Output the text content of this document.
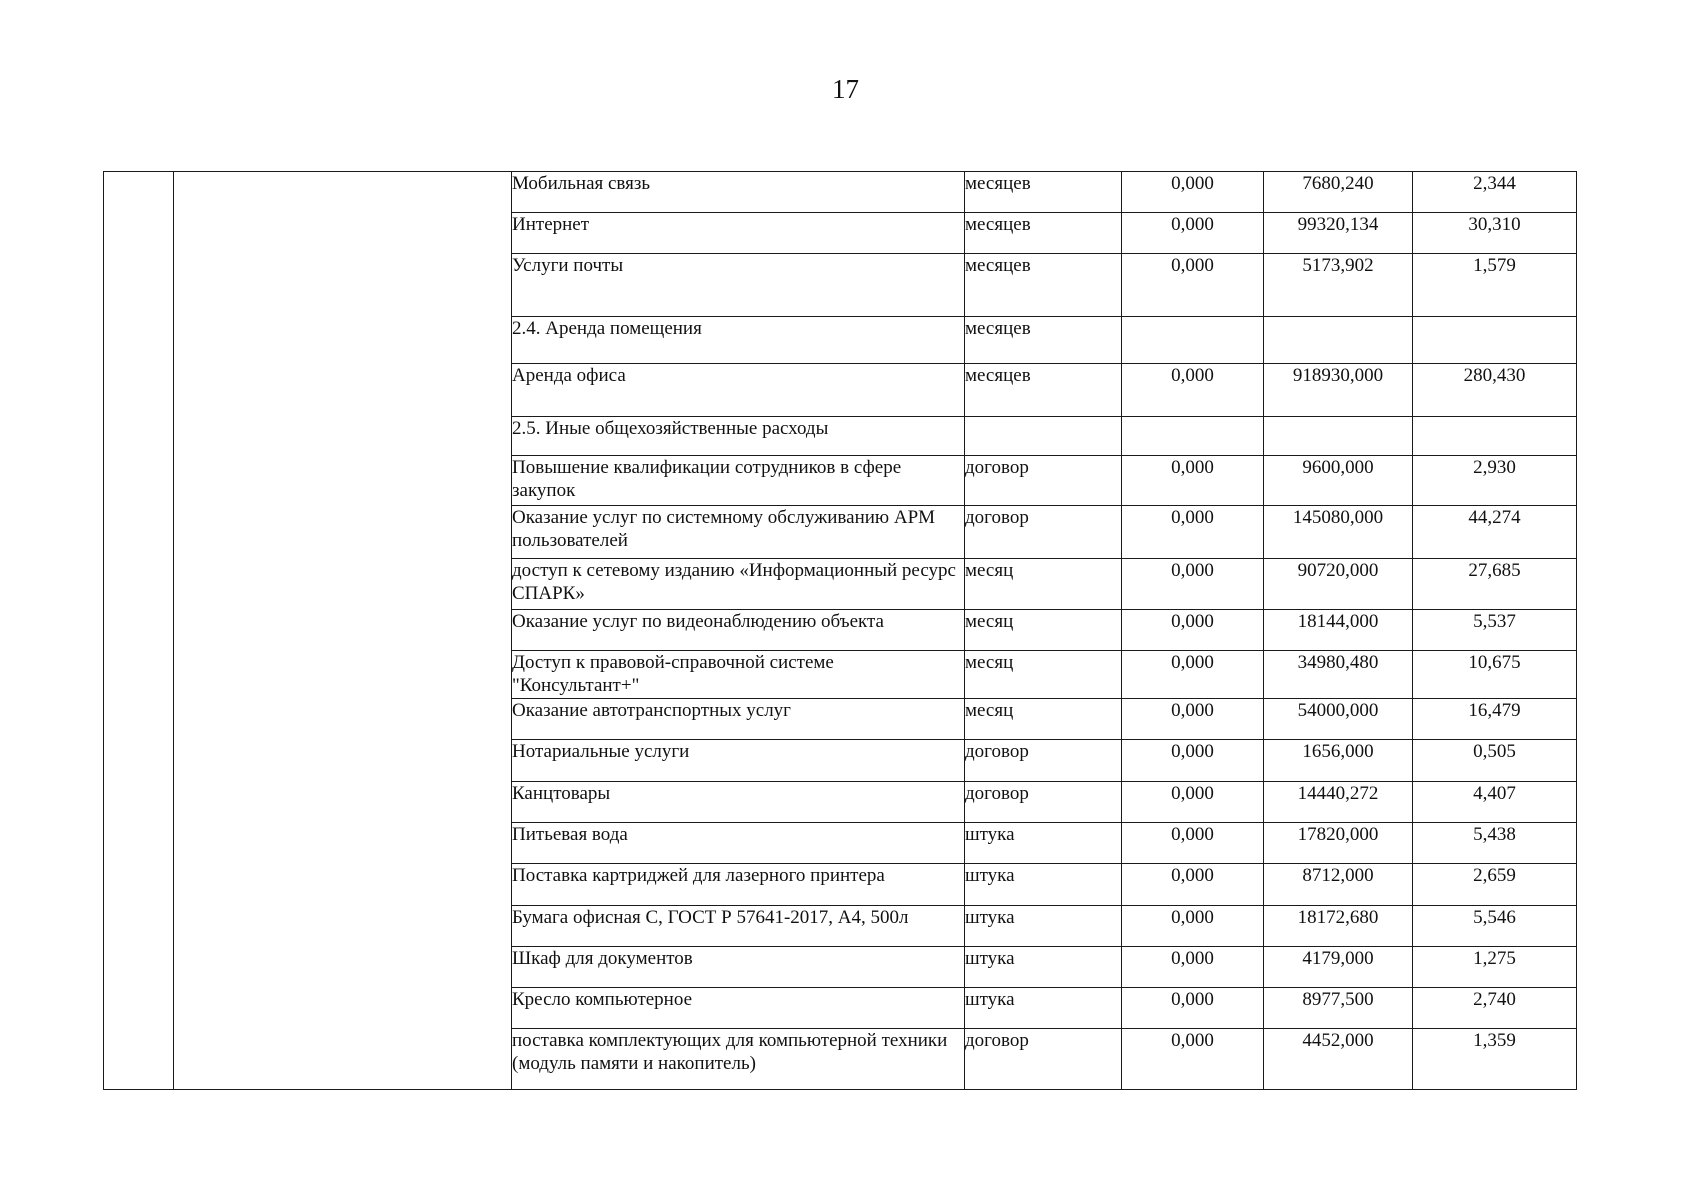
17
		Мобильная связь	месяцев	0,000	7680,240	2,344
		Интернет	месяцев	0,000	99320,134	30,310
		Услуги почты	месяцев	0,000	5173,902	1,579
		2.4. Аренда помещения	месяцев			
		Аренда офиса	месяцев	0,000	918930,000	280,430
		2.5. Иные общехозяйственные расходы				
		Повышение квалификации сотрудников в сфере закупок	договор	0,000	9600,000	2,930
		Оказание услуг по системному обслуживанию АРМ пользователей	договор	0,000	145080,000	44,274
		доступ к сетевому изданию «Информационный ресурс СПАРК»	месяц	0,000	90720,000	27,685
		Оказание услуг по видеонаблюдению объекта	месяц	0,000	18144,000	5,537
		Доступ к правовой-справочной системе "Консультант+"	месяц	0,000	34980,480	10,675
		Оказание автотранспортных услуг	месяц	0,000	54000,000	16,479
		Нотариальные услуги	договор	0,000	1656,000	0,505
		Канцтовары	договор	0,000	14440,272	4,407
		Питьевая вода	штука	0,000	17820,000	5,438
		Поставка картриджей для лазерного принтера	штука	0,000	8712,000	2,659
		Бумага офисная С, ГОСТ Р 57641-2017, А4, 500л	штука	0,000	18172,680	5,546
		Шкаф для документов	штука	0,000	4179,000	1,275
		Кресло компьютерное	штука	0,000	8977,500	2,740
		поставка комплектующих для компьютерной техники (модуль памяти и накопитель)	договор	0,000	4452,000	1,359
